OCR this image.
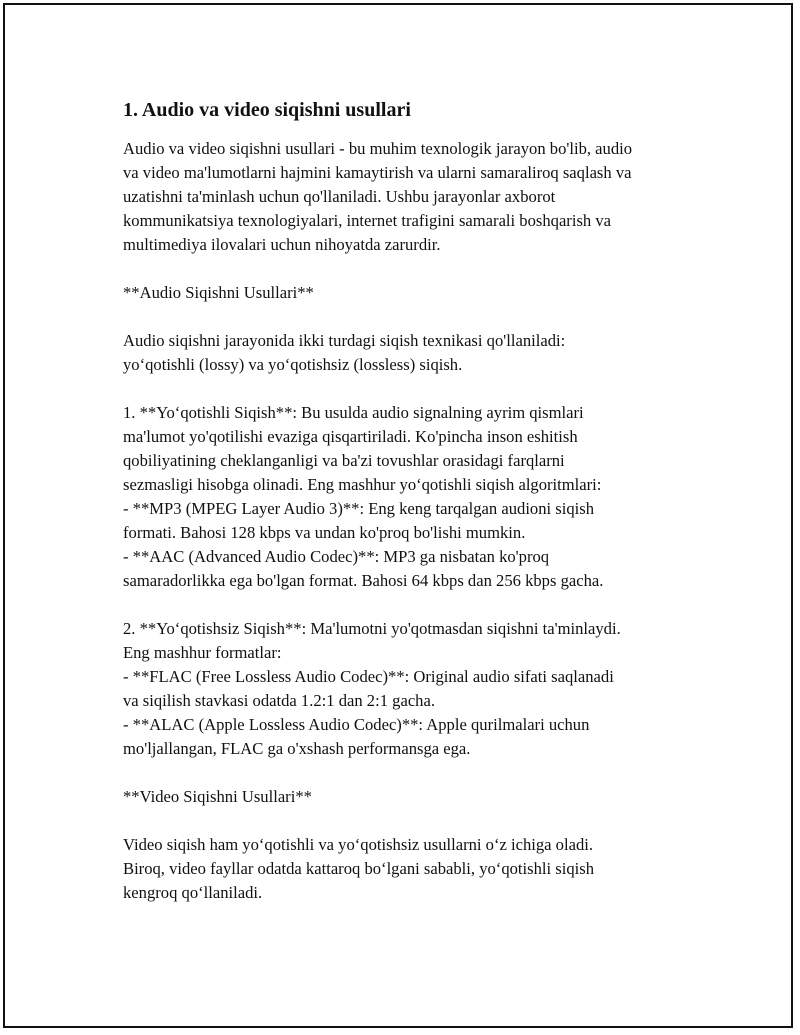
1. Audio va video siqishni usullari

Audio va video siqishni usullari - bu muhim texnologik jarayon bo'lib, audio
va video ma'lumotlarni hajmini kamaytirish va ularni samaraliroq saqlash va
uzatishni ta'minlash uchun qo'llaniladi. Ushbu jarayonlar axborot
kommunikatsiya texnologiyalari, internet trafigini samarali boshqarish va
multimediya ilovalari uchun nihoyatda zarurdir.

**Audio Siqishni Usullari**

Audio siqishni jarayonida ikki turdagi siqish texnikasi qo'llaniladi:
yo‘qotishli (lossy) va yo‘qotishsiz (lossless) siqish.

1. **Yo‘qotishli Siqish**: Bu usulda audio signalning ayrim qismlari
ma'lumot yo'qotilishi evaziga qisqartiriladi. Ko'pincha inson eshitish
qobiliyatining cheklanganligi va ba'zi tovushlar orasidagi farqlarni
sezmasligi hisobga olinadi. Eng mashhur yo‘qotishli siqish algoritmlari:
- **MP3 (MPEG Layer Audio 3)**: Eng keng tarqalgan audioni siqish
formati. Bahosi 128 kbps va undan ko'proq bo'lishi mumkin.
- **AAC (Advanced Audio Codec)**: MP3 ga nisbatan ko'proq
samaradorlikka ega bo'lgan format. Bahosi 64 kbps dan 256 kbps gacha.

2. **Yo‘qotishsiz Siqish**: Ma'lumotni yo'qotmasdan siqishni ta'minlaydi.
Eng mashhur formatlar:
- **FLAC (Free Lossless Audio Codec)**: Original audio sifati saqlanadi
va siqilish stavkasi odatda 1.2:1 dan 2:1 gacha.
- **ALAC (Apple Lossless Audio Codec)**: Apple qurilmalari uchun
mo'ljallangan, FLAC ga o'xshash performansga ega.

**Video Siqishni Usullari**

Video siqish ham yo‘qotishli va yo‘qotishsiz usullarni o‘z ichiga oladi.
Biroq, video fayllar odatda kattaroq bo‘lgani sababli, yo‘qotishli siqish
kengroq qo‘llaniladi.
